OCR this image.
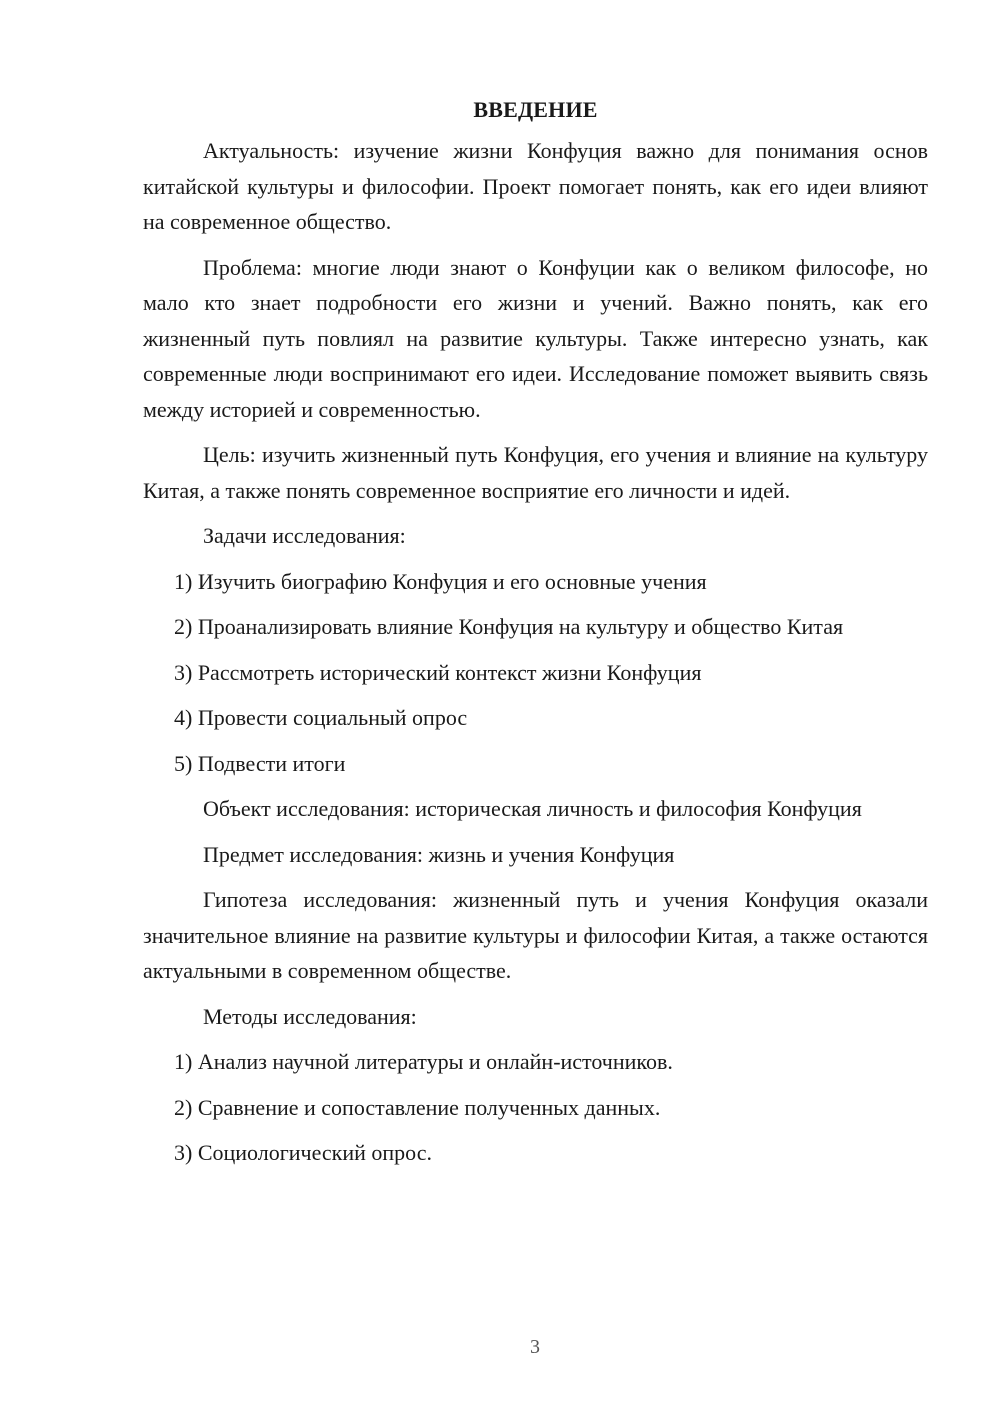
ВВЕДЕНИЕ

Актуальность: изучение жизни Конфуция важно для понимания основ китайской культуры и философии. Проект помогает понять, как его идеи влияют на современное общество.

Проблема: многие люди знают о Конфуции как о великом философе, но мало кто знает подробности его жизни и учений. Важно понять, как его жизненный путь повлиял на развитие культуры. Также интересно узнать, как современные люди воспринимают его идеи. Исследование поможет выявить связь между историей и современностью.

Цель: изучить жизненный путь Конфуция, его учения и влияние на культуру Китая, а также понять современное восприятие его личности и идей.

Задачи исследования:

1) Изучить биографию Конфуция и его основные учения

2) Проанализировать влияние Конфуция на культуру и общество Китая

3) Рассмотреть исторический контекст жизни Конфуция

4) Провести социальный опрос

5) Подвести итоги

Объект исследования: историческая личность и философия Конфуция

Предмет исследования: жизнь и учения Конфуция

Гипотеза исследования: жизненный путь и учения Конфуция оказали значительное влияние на развитие культуры и философии Китая, а также остаются актуальными в современном обществе.

Методы исследования:

1) Анализ научной литературы и онлайн-источников.

2) Сравнение и сопоставление полученных данных.

3) Социологический опрос.

3
